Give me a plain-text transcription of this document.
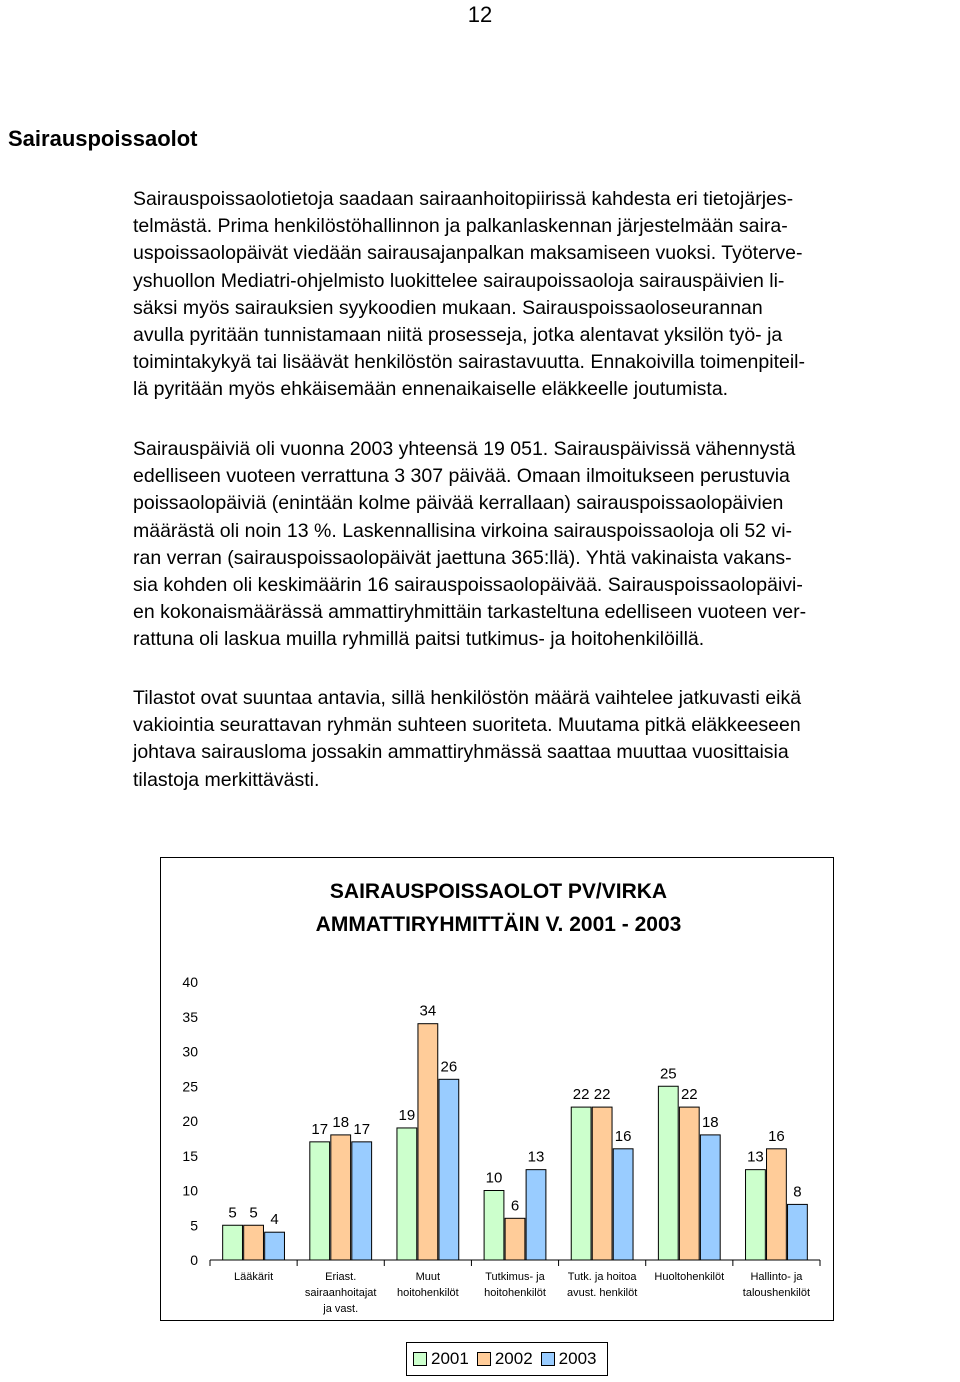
12
Sairauspoissaolot
Sairauspoissaolotietoja saadaan sairaanhoitopiirissä kahdesta eri tietojärjes-
telmästä. Prima henkilöstöhallinnon ja palkanlaskennan järjestelmään saira-
uspoissaolopäivät viedään sairausajanpalkan maksamiseen vuoksi. Työterve-
yshuollon Mediatri-ohjelmisto luokittelee sairaupoissaoloja sairauspäivien li-
säksi myös sairauksien syykoodien mukaan. Sairauspoissaoloseurannan
avulla pyritään tunnistamaan niitä prosesseja, jotka alentavat yksilön työ- ja
toimintakykyä tai lisäävät henkilöstön sairastavuutta. Ennakoivilla toimenpiteil-
lä pyritään myös ehkäisemään ennenaikaiselle eläkkeelle joutumista.
Sairauspäiviä oli vuonna 2003 yhteensä 19 051. Sairauspäivissä vähennystä
edelliseen vuoteen verrattuna 3 307 päivää. Omaan ilmoitukseen perustuvia
poissaolopäiviä (enintään kolme päivää kerrallaan) sairauspoissaolopäivien
määrästä oli noin 13 %. Laskennallisina virkoina sairauspoissaoloja oli 52 vi-
ran verran (sairauspoissaolopäivät jaettuna 365:llä). Yhtä vakinaista vakans-
sia kohden oli keskimäärin 16 sairauspoissaolopäivää. Sairauspoissaolopäivi-
en kokonaismäärässä ammattiryhmittäin tarkasteltuna edelliseen vuoteen ver-
rattuna oli laskua muilla ryhmillä paitsi tutkimus- ja hoitohenkilöillä.
Tilastot ovat suuntaa antavia, sillä henkilöstön määrä vaihtelee jatkuvasti eikä
vakiointia seurattavan ryhmän suhteen suoriteta. Muutama pitkä eläkkeeseen
johtava sairausloma jossakin ammattiryhmässä saattaa muuttaa vuosittaisia
tilastoja merkittävästi.
SAIRAUSPOISSAOLOT PV/VIRKA
AMMATTIRYHMITTÄIN V. 2001 - 2003
0
5
10
15
20
25
30
35
40
5 5 4
Lääkärit
17 18 17
Eriast.
sairaanhoitajat
ja vast.
19
34
26
Muut
hoitohenkilöt
10
6
13
Tutkimus- ja
hoitohenkilöt
22 22
16
Tutk. ja hoitoa
avust. henkilöt
25
22
18
Huoltohenkilöt
13
16
8
Hallinto- ja
taloushenkilöt
2001 2002 2003
